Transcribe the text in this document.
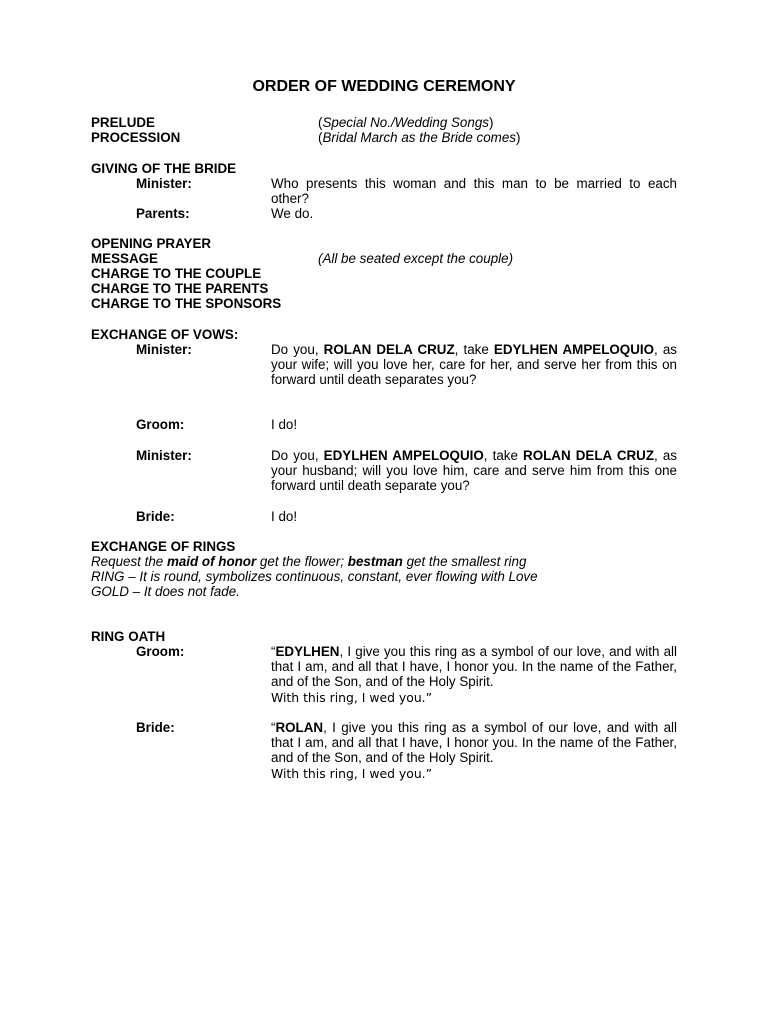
ORDER OF WEDDING CEREMONY
PRELUDE	(Special No./Wedding Songs)
PROCESSION	(Bridal March as the Bride comes)
GIVING OF THE BRIDE
Minister:	Who presents this woman and this man to be married to each other?
Parents:	We do.
OPENING PRAYER
MESSAGE	(All be seated except the couple)
CHARGE TO THE COUPLE
CHARGE TO THE PARENTS
CHARGE TO THE SPONSORS
EXCHANGE OF VOWS:
Minister:	Do you, ROLAN DELA CRUZ, take EDYLHEN AMPELOQUIO, as your wife; will you love her, care for her, and serve her from this on forward until death separates you?
Groom:	I do!
Minister:	Do you, EDYLHEN AMPELOQUIO, take ROLAN DELA CRUZ, as your husband; will you love him, care and serve him from this one forward until death separate you?
Bride:	I do!
EXCHANGE OF RINGS
Request the maid of honor get the flower; bestman get the smallest ring
RING – It is round, symbolizes continuous, constant, ever flowing with Love
GOLD – It does not fade.
RING OATH
Groom:	“EDYLHEN, I give you this ring as a symbol of our love, and with all that I am, and all that I have, I honor you. In the name of the Father, and of the Son, and of the Holy Spirit.
With this ring, I wed you.”
Bride:	“ROLAN, I give you this ring as a symbol of our love, and with all that I am, and all that I have, I honor you. In the name of the Father, and of the Son, and of the Holy Spirit.
With this ring, I wed you.”
